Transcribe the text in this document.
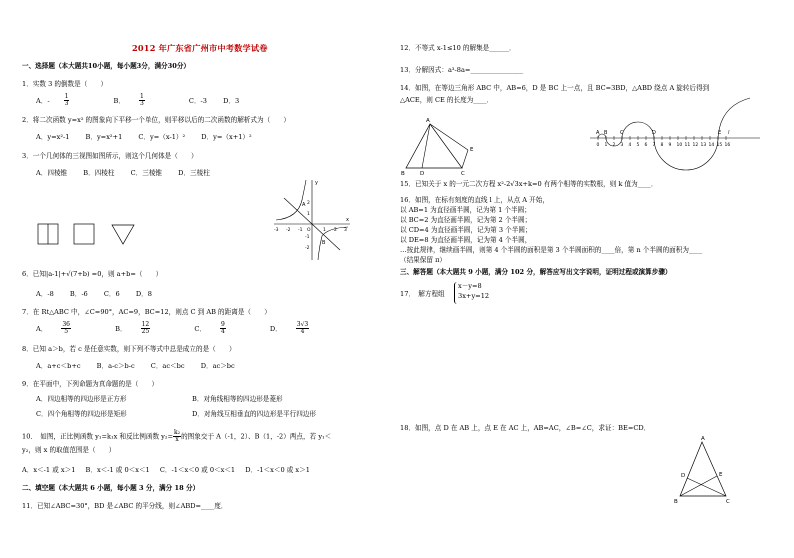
2012 年广东省广州市中考数学试卷
一、选择题（本大题共10小题，每小题3分，满分30分）
1．实数 3 的倒数是（　　）
A．- $\frac{1}{3}$	B． $\frac{1}{3}$	C．-3 D．3
2．将二次函数 y=x² 的图象向下平移一个单位，则平移以后的二次函数的解析式为（　　）
A．y=x²-1 B．y=x²+1 C．y=（x-1）² D．y=（x+1）²
3．一个几何体的三视图如图所示，则这个几何体是（　　）
A．四棱锥 B．四棱柱 C．三棱锥 D．三棱柱
y
x
A
B
-3 -2 -1 O	1 2 3
2
1
-1
-2
6．已知|a-1|+√(7+b) =0，则 a+b=（　　）
A．-8 B．-6 C．6 D．8
7．在 Rt△ABC 中，∠C=90°，AC=9，BC=12，则点 C 到 AB 的距离是（　　）
A． $\frac{36}{5}$	B． $\frac{12}{25}$	C． $\frac{9}{4}$	D． $\frac{3√3}{4}$
8．已知 a＞b，若 c 是任意实数，则下列不等式中总是成立的是（　　）
A．a+c＜b+c B．a-c＞b-c C．ac＜bc D．ac＞bc
9．在平面中，下列命题为真命题的是（　　）
A．四边相等的四边形是正方形	B．对角线相等的四边形是菱形
C．四个角相等的四边形是矩形	D．对角线互相垂直的四边形是平行四边形
10．　如图，正比例函数 y₁=k₁x 和反比例函数 $y_2= \frac{\text{k₂}}{x}$ 的图象交于 A（-1，2）、B（1，-2）两点，若 y₁＜
y₂，则 x 的取值范围是（　　）
A．x＜-1 或 x＞1 B．x＜-1 或 0＜x＜1 C．-1＜x＜0 或 0＜x＜1 D．-1＜x＜0 或 x＞1
二、填空题（本大题共 6 小题，每小题 3 分，满分 18 分）
11．已知∠ABC=30°，BD 是∠ABC 的平分线，则∠ABD=____度．
12．不等式 x-1≤10 的解集是______．
13．分解因式：a³-8a=________________
14．如图，在等边三角形 ABC 中，AB=6，D 是 BC 上一点，且 BC=3BD，△ABD 绕点 A 旋转后得到
△ACE，则 CE 的长度为____．
A
B	D	C
E
0 1 2 3 4 5 6 7 8 9 10 11 12 13 14 15 16
A B	C	D	E l
15．已知关于 x 的一元二次方程 x²-2√3x+k=0 有两个相等的实数根，则 k 值为____．
16．如图，在标有刻度的直线 l 上，从点 A 开始，
以 AB=1 为直径画半圆，记为第 1 个半圆；
以 BC=2 为直径画半圆，记为第 2 个半圆；
以 CD=4 为直径画半圆，记为第 3 个半圆；
以 DE=8 为直径画半圆，记为第 4 个半圆，
…按此规律，继续画半圆，则第 4 个半圆的面积是第 3 个半圆面积的____倍，第 n 个半圆的面积为____
（结果保留 π）
三、解答题（本大题共 9 小题，满分 102 分，解答应写出文字说明，证明过程或演算步骤）
17．　解方程组
x－y=8
3x+y=12
18．如图，点 D 在 AB 上，点 E 在 AC 上，AB=AC，∠B=∠C，求证：BE=CD．
A
D	E
B	C
